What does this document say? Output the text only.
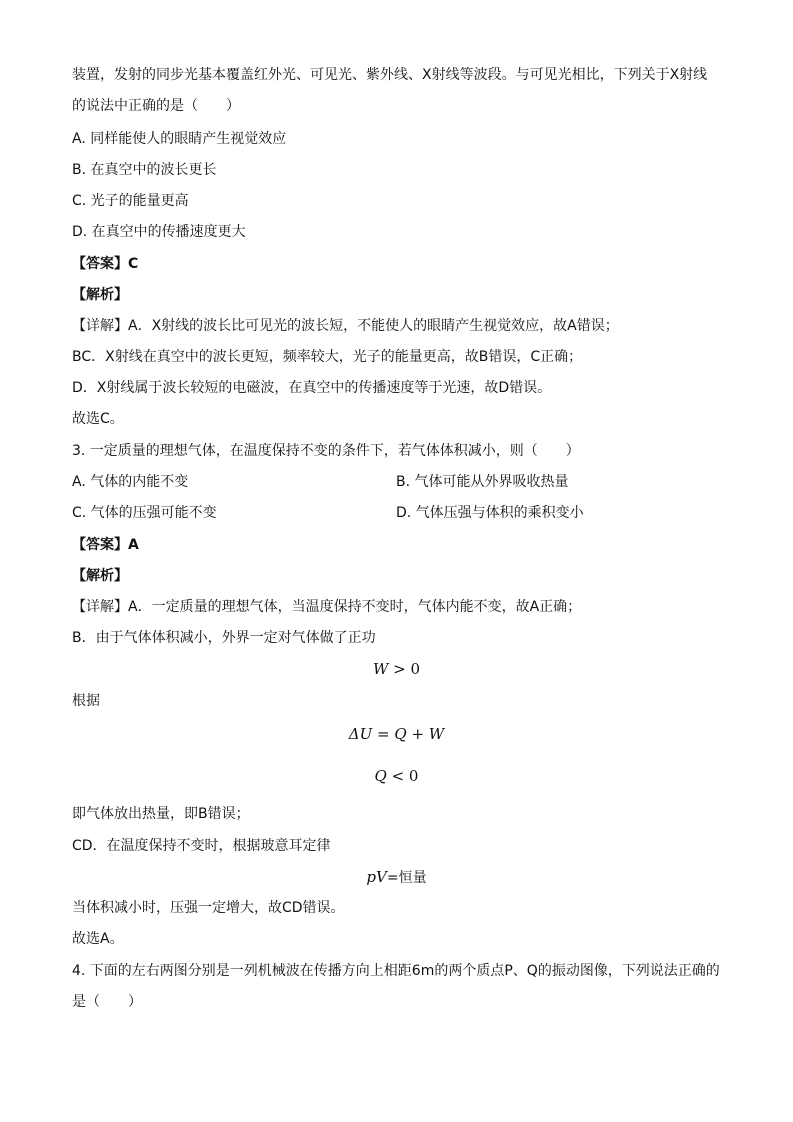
装置，发射的同步光基本覆盖红外光、可见光、紫外线、X射线等波段。与可见光相比，下列关于X射线
的说法中正确的是（　　）
A. 同样能使人的眼睛产生视觉效应
B. 在真空中的波长更长
C. 光子的能量更高
D. 在真空中的传播速度更大
【答案】C
【解析】
【详解】A．X射线的波长比可见光的波长短，不能使人的眼睛产生视觉效应，故A错误；
BC．X射线在真空中的波长更短，频率较大，光子的能量更高，故B错误，C正确；
D．X射线属于波长较短的电磁波，在真空中的传播速度等于光速，故D错误。
故选C。
3. 一定质量的理想气体，在温度保持不变的条件下，若气体体积减小，则（　　）
A. 气体的内能不变	B. 气体可能从外界吸收热量
C. 气体的压强可能不变	D. 气体压强与体积的乘积变小
【答案】A
【解析】
【详解】A．一定质量的理想气体，当温度保持不变时，气体内能不变，故A正确；
B．由于气体体积减小，外界一定对气体做了正功
W > 0
根据
ΔU = Q + W
Q < 0
即气体放出热量，即B错误；
CD．在温度保持不变时，根据玻意耳定律
pV=恒量
当体积减小时，压强一定增大，故CD错误。
故选A。
4. 下面的左右两图分别是一列机械波在传播方向上相距6m的两个质点P、Q的振动图像，下列说法正确的
是（　　）
